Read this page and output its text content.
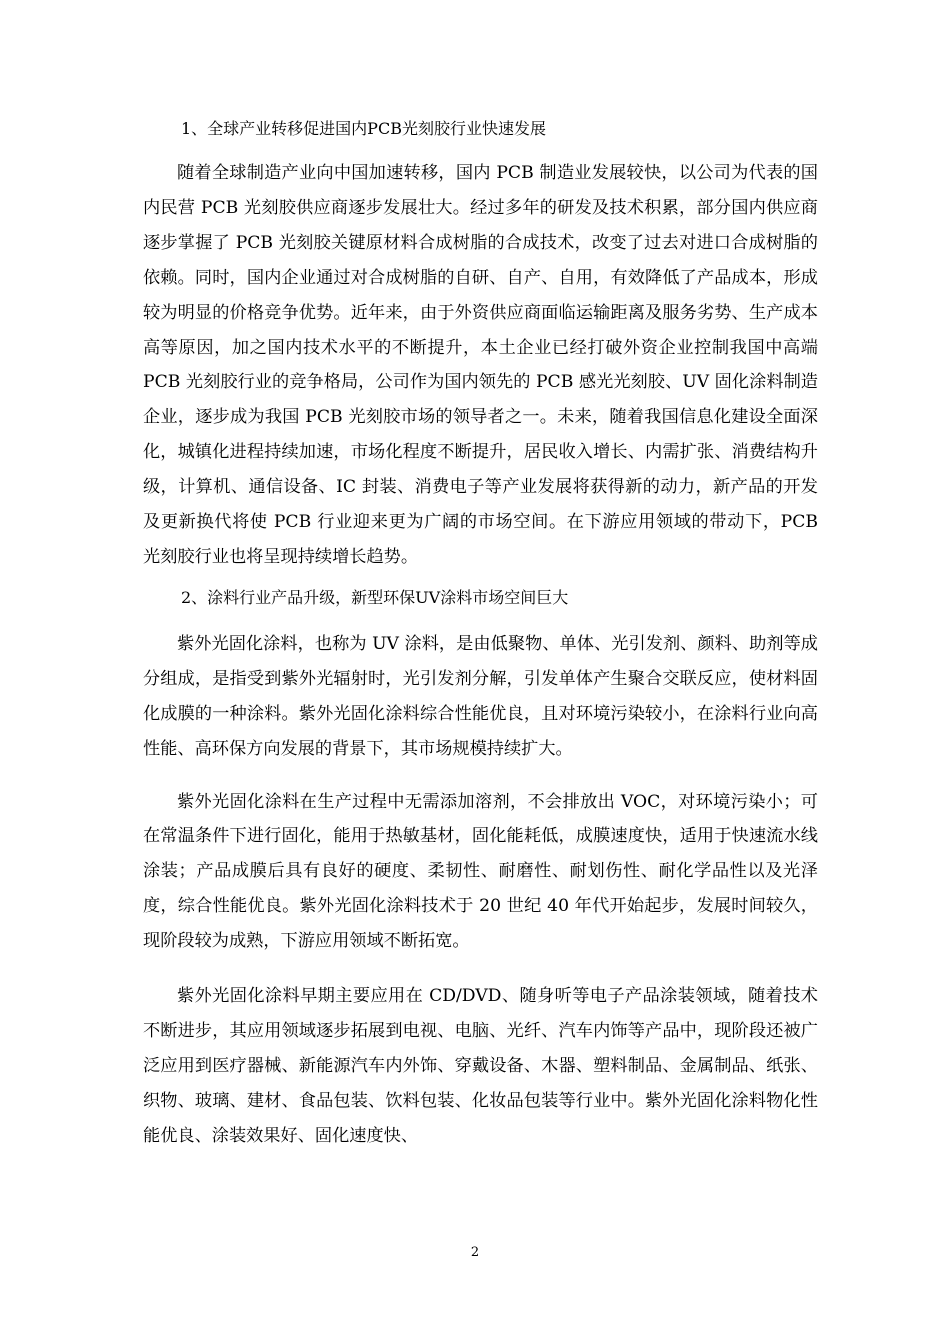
1、全球产业转移促进国内PCB光刻胶行业快速发展

随着全球制造产业向中国加速转移，国内 PCB 制造业发展较快，以公司为代表的国内民营 PCB 光刻胶供应商逐步发展壮大。经过多年的研发及技术积累，部分国内供应商逐步掌握了 PCB 光刻胶关键原材料合成树脂的合成技术，改变了过去对进口合成树脂的依赖。同时，国内企业通过对合成树脂的自研、自产、自用，有效降低了产品成本，形成较为明显的价格竞争优势。近年来，由于外资供应商面临运输距离及服务劣势、生产成本高等原因，加之国内技术水平的不断提升，本土企业已经打破外资企业控制我国中高端 PCB 光刻胶行业的竞争格局，公司作为国内领先的 PCB 感光光刻胶、UV 固化涂料制造企业，逐步成为我国 PCB 光刻胶市场的领导者之一。未来，随着我国信息化建设全面深化，城镇化进程持续加速，市场化程度不断提升，居民收入增长、内需扩张、消费结构升级，计算机、通信设备、IC 封装、消费电子等产业发展将获得新的动力，新产品的开发及更新换代将使 PCB 行业迎来更为广阔的市场空间。在下游应用领域的带动下，PCB 光刻胶行业也将呈现持续增长趋势。

2、涂料行业产品升级，新型环保UV涂料市场空间巨大

紫外光固化涂料，也称为 UV 涂料，是由低聚物、单体、光引发剂、颜料、助剂等成分组成，是指受到紫外光辐射时，光引发剂分解，引发单体产生聚合交联反应，使材料固化成膜的一种涂料。紫外光固化涂料综合性能优良，且对环境污染较小，在涂料行业向高性能、高环保方向发展的背景下，其市场规模持续扩大。

紫外光固化涂料在生产过程中无需添加溶剂，不会排放出 VOC，对环境污染小；可在常温条件下进行固化，能用于热敏基材，固化能耗低，成膜速度快，适用于快速流水线涂装；产品成膜后具有良好的硬度、柔韧性、耐磨性、耐划伤性、耐化学品性以及光泽度，综合性能优良。紫外光固化涂料技术于 20 世纪 40 年代开始起步，发展时间较久，现阶段较为成熟，下游应用领域不断拓宽。

紫外光固化涂料早期主要应用在 CD/DVD、随身听等电子产品涂装领域，随着技术不断进步，其应用领域逐步拓展到电视、电脑、光纤、汽车内饰等产品中，现阶段还被广泛应用到医疗器械、新能源汽车内外饰、穿戴设备、木器、塑料制品、金属制品、纸张、织物、玻璃、建材、食品包装、饮料包装、化妆品包装等行业中。紫外光固化涂料物化性能优良、涂装效果好、固化速度快、

2
